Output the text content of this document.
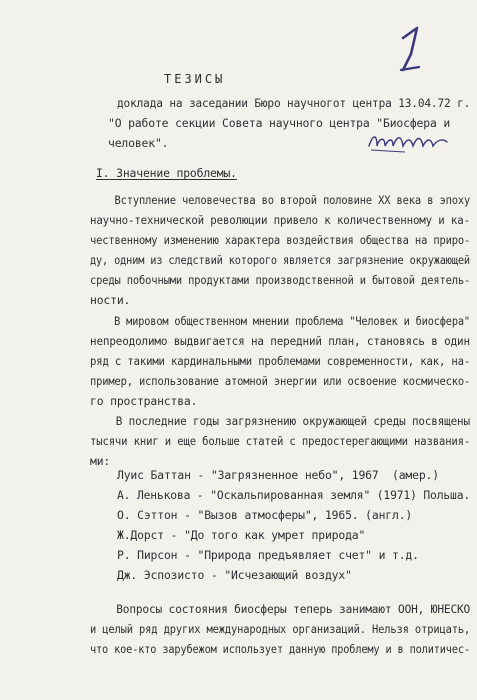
ТЕЗИСЫ
доклада на заседании Бюро научного​т центра 13.04.72 г.
"О работе секции Совета научного центра "Биосфера и
человек".
I. Значение проблемы.
Вступление человечества во второй половине XX века в эпоху
научно-технической революции привело к количественному и ка-
чественному изменению характера воздействия общества на приро-
ду, одним из следствий которого является загрязнение окружающей
среды побочными продуктами производственной и бытовой деятель-
ности.
В мировом общественном мнении проблема "Человек и биосфера"
непреодолимо выдвигается на передний план, становясь в один
ряд с такими кардинальными проблемами современности, как, на-
пример, использование атомной энергии или освоение космическо-
го пространства.
В последние годы загрязнению окружающей среды посвящены
тысячи книг и еще больше статей с предостерегающими названия-
ми:
Луис Баттан - "Загрязненное небо", 1967  (амер.)
А. Ленькова - "Оскальпированная земля" (1971) Польша.
О. Сэттон - "Вызов атмосферы", 1965. (англ.)
Ж.Дорст - "До того как умрет природа"
Р. Пирсон - "Природа предъявляет счет" и т.д.
Дж. Эспозисто - "Исчезающий воздух"
Вопросы состояния биосферы теперь занимают ООН, ЮНЕСКО
и целый ряд других международных организаций. Нельзя отрицать,
что кое-кто зарубежом использует данную проблему и в политичес-
